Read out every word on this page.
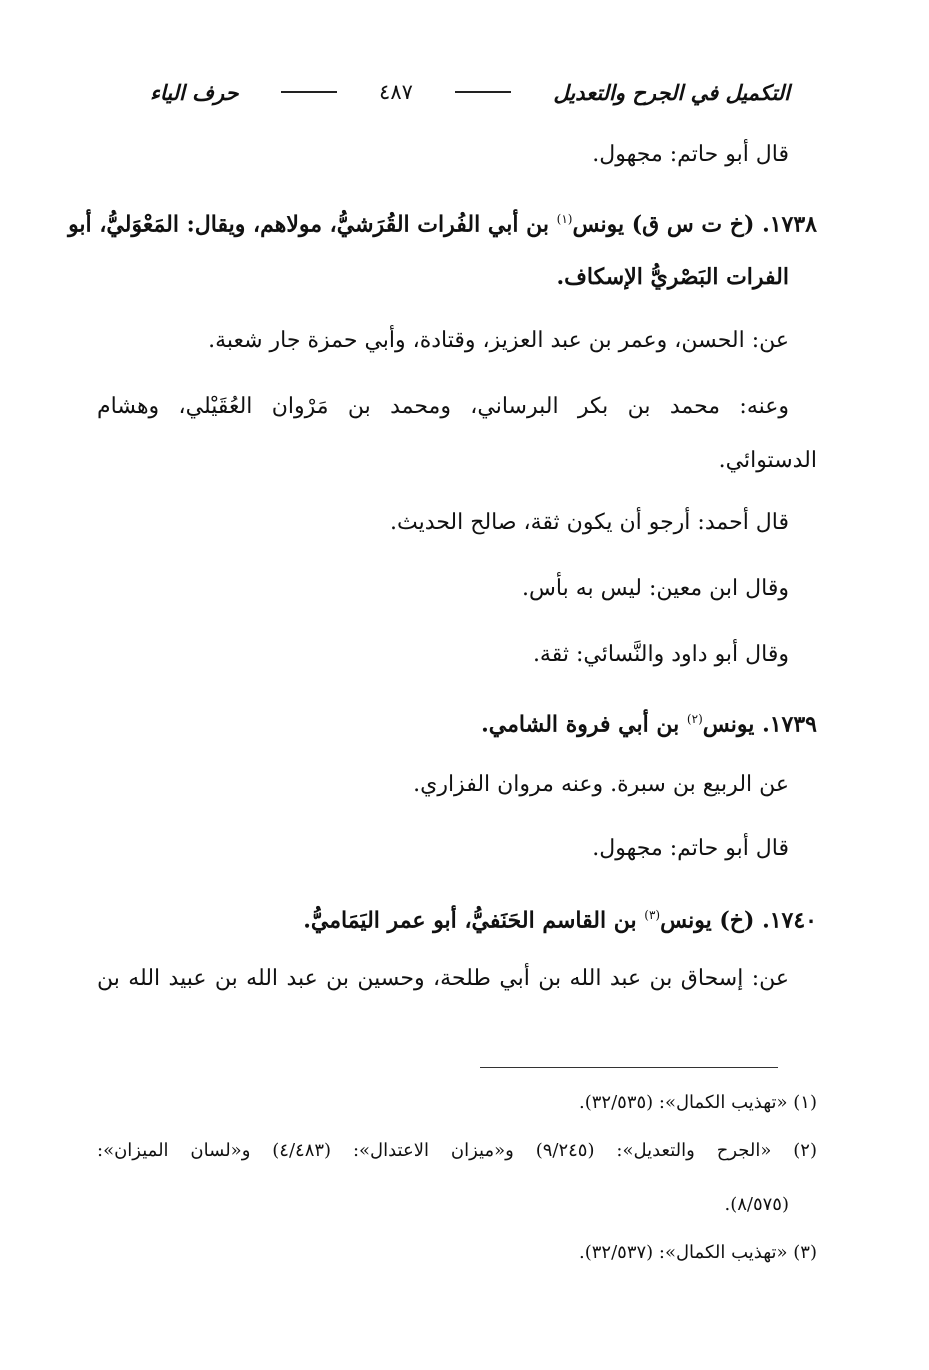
التكميل في الجرح والتعديل
٤٨٧
حرف الياء
قال أبو حاتم: مجهول.
١٧٣٨. (خ ت س ق) يونس$^{(١)}$ بن أبي الفُرات القُرَشيُّ، مولاهم، ويقال: المَعْوَليُّ، أبو
الفرات البَصْريُّ الإسكاف.
عن: الحسن، وعمر بن عبد العزيز، وقتادة، وأبي حمزة جار شعبة.
وعنه: محمد بن بكر البرساني، ومحمد بن مَرْوان العُقَيْلي، وهشام
الدستوائي.
قال أحمد: أرجو أن يكون ثقة، صالح الحديث.
وقال ابن معين: ليس به بأس.
وقال أبو داود والنَّسائي: ثقة.
١٧٣٩. يونس$^{(٢)}$ بن أبي فروة الشامي.
عن الربيع بن سبرة. وعنه مروان الفزاري.
قال أبو حاتم: مجهول.
١٧٤٠. (خ) يونس$^{(٣)}$ بن القاسم الحَنَفيُّ، أبو عمر اليَمَاميُّ.
عن: إسحاق بن عبد الله بن أبي طلحة، وحسين بن عبد الله بن عبيد الله بن
(١) «تهذيب الكمال»: (٣٢/٥٣٥).
(٢) «الجرح والتعديل»: (٩/٢٤٥) و«ميزان الاعتدال»: (٤/٤٨٣) و«لسان الميزان»:
(٨/٥٧٥).
(٣) «تهذيب الكمال»: (٣٢/٥٣٧).
